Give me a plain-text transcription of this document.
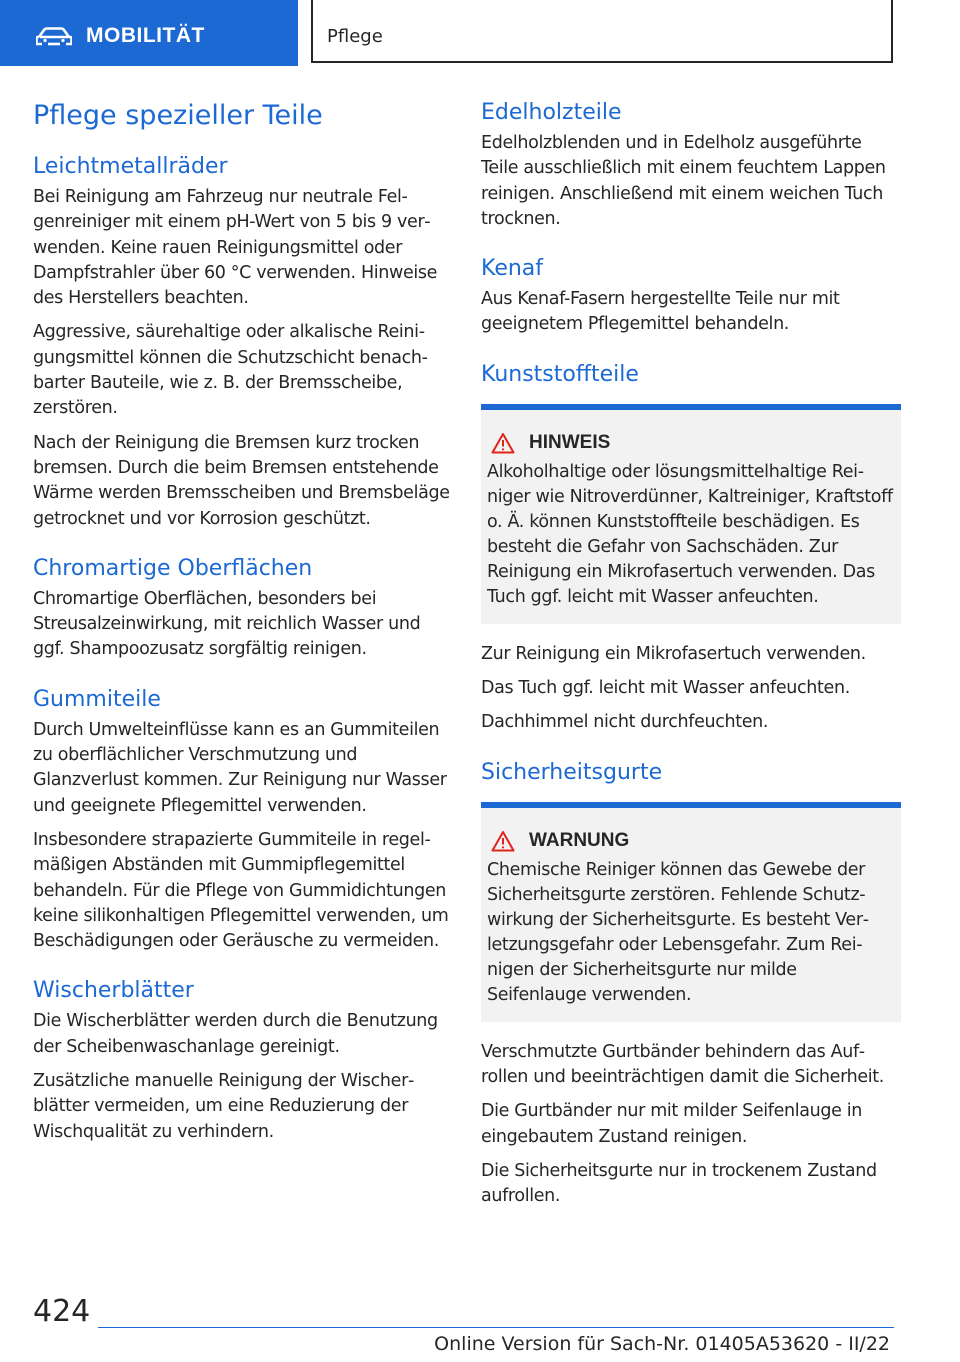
MOBILITÄT	Pflege
Pflege spezieller Teile
Leichtmetallräder

Bei Reinigung am Fahrzeug nur neutrale Felgenreiniger mit einem pH-Wert von 5 bis 9 verwenden. Keine rauen Reinigungsmittel oder Dampfstrahler über 60 °C verwenden. Hinweise des Herstellers beachten.

Aggressive, säurehaltige oder alkalische Reinigungsmittel können die Schutzschicht benachbarter Bauteile, wie z. B. der Bremsscheibe, zerstören.

Nach der Reinigung die Bremsen kurz trocken bremsen. Durch die beim Bremsen entstehende Wärme werden Bremsscheiben und Bremsbeläge getrocknet und vor Korrosion geschützt.

Chromartige Oberflächen

Chromartige Oberflächen, besonders bei Streusalzeinwirkung, mit reichlich Wasser und ggf. Shampoozusatz sorgfältig reinigen.

Gummiteile

Durch Umwelteinflüsse kann es an Gummiteilen zu oberflächlicher Verschmutzung und Glanzverlust kommen. Zur Reinigung nur Wasser und geeignete Pflegemittel verwenden.

Insbesondere strapazierte Gummiteile in regelmäßigen Abständen mit Gummipflegemittel behandeln. Für die Pflege von Gummidichtungen keine silikonhaltigen Pflegemittel verwenden, um Beschädigungen oder Geräusche zu vermeiden.

Wischerblätter

Die Wischerblätter werden durch die Benutzung der Scheibenwaschanlage gereinigt.

Zusätzliche manuelle Reinigung der Wischerblätter vermeiden, um eine Reduzierung der Wischqualität zu verhindern.

Edelholzteile

Edelholzblenden und in Edelholz ausgeführte Teile ausschließlich mit einem feuchtem Lappen reinigen. Anschließend mit einem weichen Tuch trocknen.

Kenaf

Aus Kenaf-Fasern hergestellte Teile nur mit geeignetem Pflegemittel behandeln.

Kunststoffteile
HINWEIS

Alkoholhaltige oder lösungsmittelhaltige Reiniger wie Nitroverdünner, Kaltreiniger, Kraftstoff o. Ä. können Kunststoffteile beschädigen. Es besteht die Gefahr von Sachschäden. Zur Reinigung ein Mikrofasertuch verwenden. Das Tuch ggf. leicht mit Wasser anfeuchten.

Zur Reinigung ein Mikrofasertuch verwenden.

Das Tuch ggf. leicht mit Wasser anfeuchten.

Dachhimmel nicht durchfeuchten.

Sicherheitsgurte
WARNUNG

Chemische Reiniger können das Gewebe der Sicherheitsgurte zerstören. Fehlende Schutzwirkung der Sicherheitsgurte. Es besteht Verletzungsgefahr oder Lebensgefahr. Zum Reinigen der Sicherheitsgurte nur milde Seifenlauge verwenden.

Verschmutzte Gurtbänder behindern das Aufrollen und beeinträchtigen damit die Sicherheit.

Die Gurtbänder nur mit milder Seifenlauge in eingebautem Zustand reinigen.

Die Sicherheitsgurte nur in trockenem Zustand aufrollen.

424
Online Version für Sach-Nr. 01405A53620 - II/22
